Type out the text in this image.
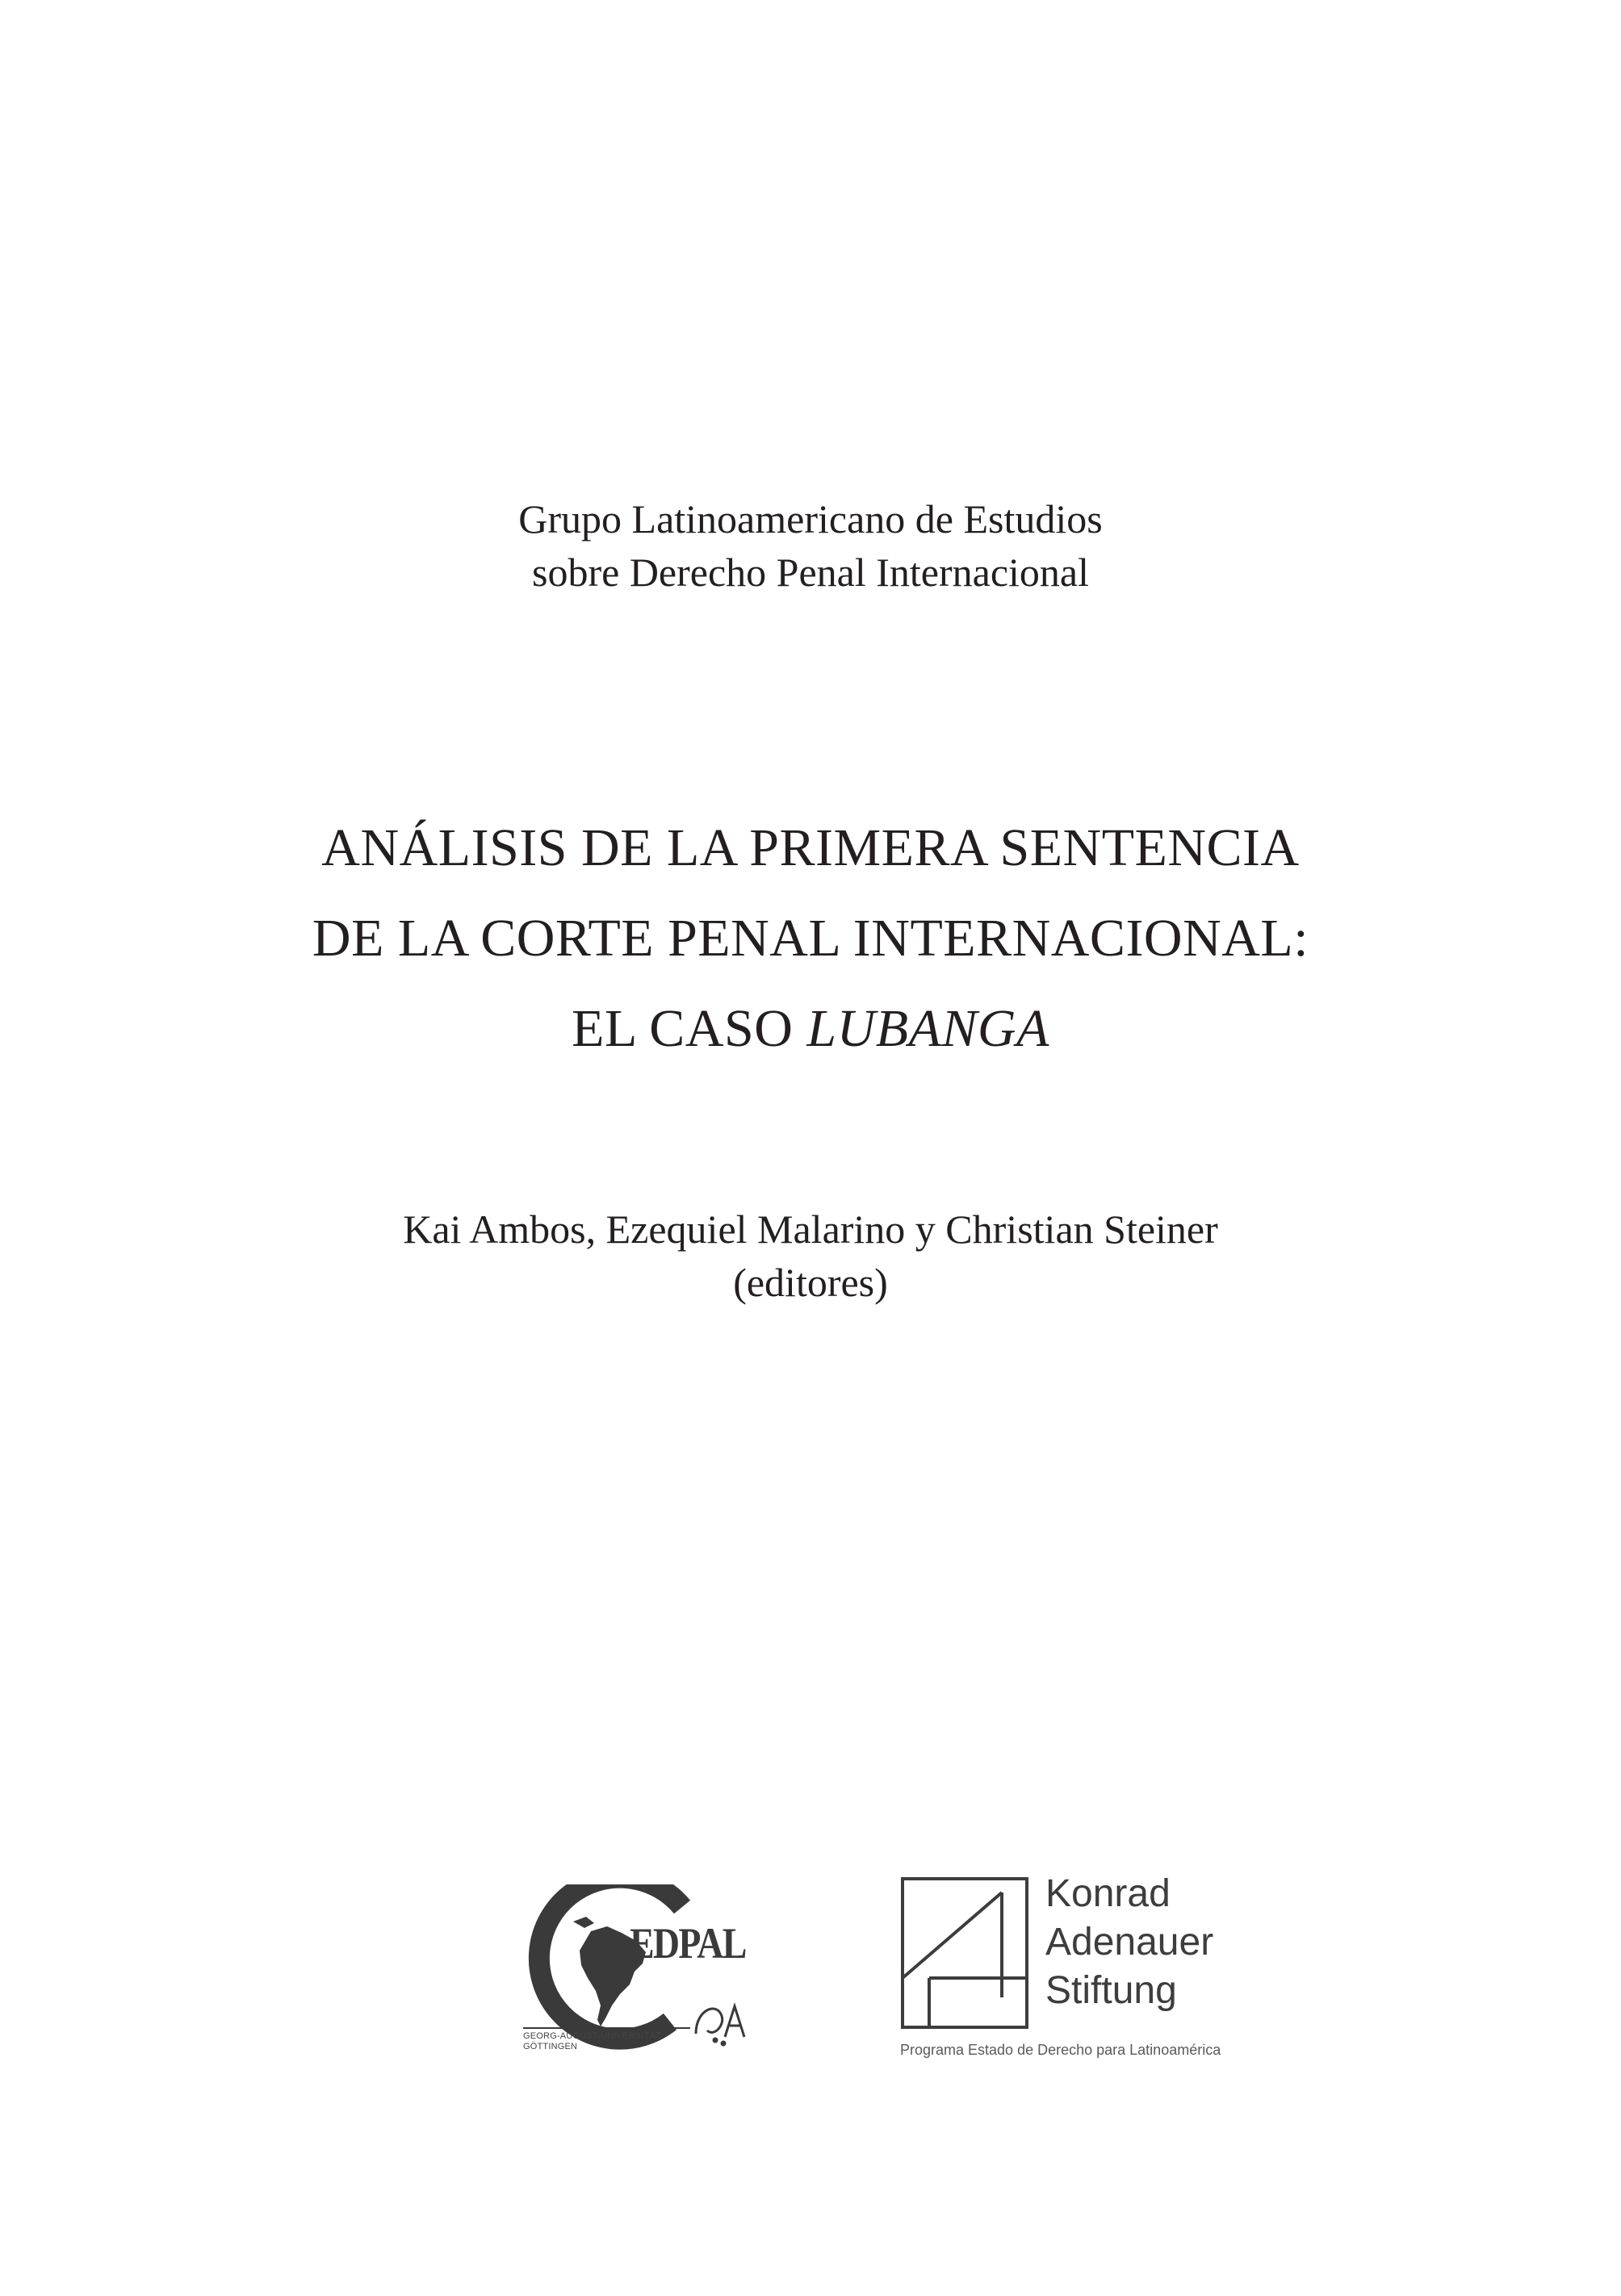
Grupo Latinoamericano de Estudios
sobre Derecho Penal Internacional
ANÁLISIS DE LA PRIMERA SENTENCIA
DE LA CORTE PENAL INTERNACIONAL:
EL CASO LUBANGA
Kai Ambos, Ezequiel Malarino y Christian Steiner
(editores)
EDPAL
GEORG-AUGUST-UNIVERSITÄT
GÖTTINGEN
Konrad
Adenauer
Stiftung
Programa Estado de Derecho para Latinoamérica
